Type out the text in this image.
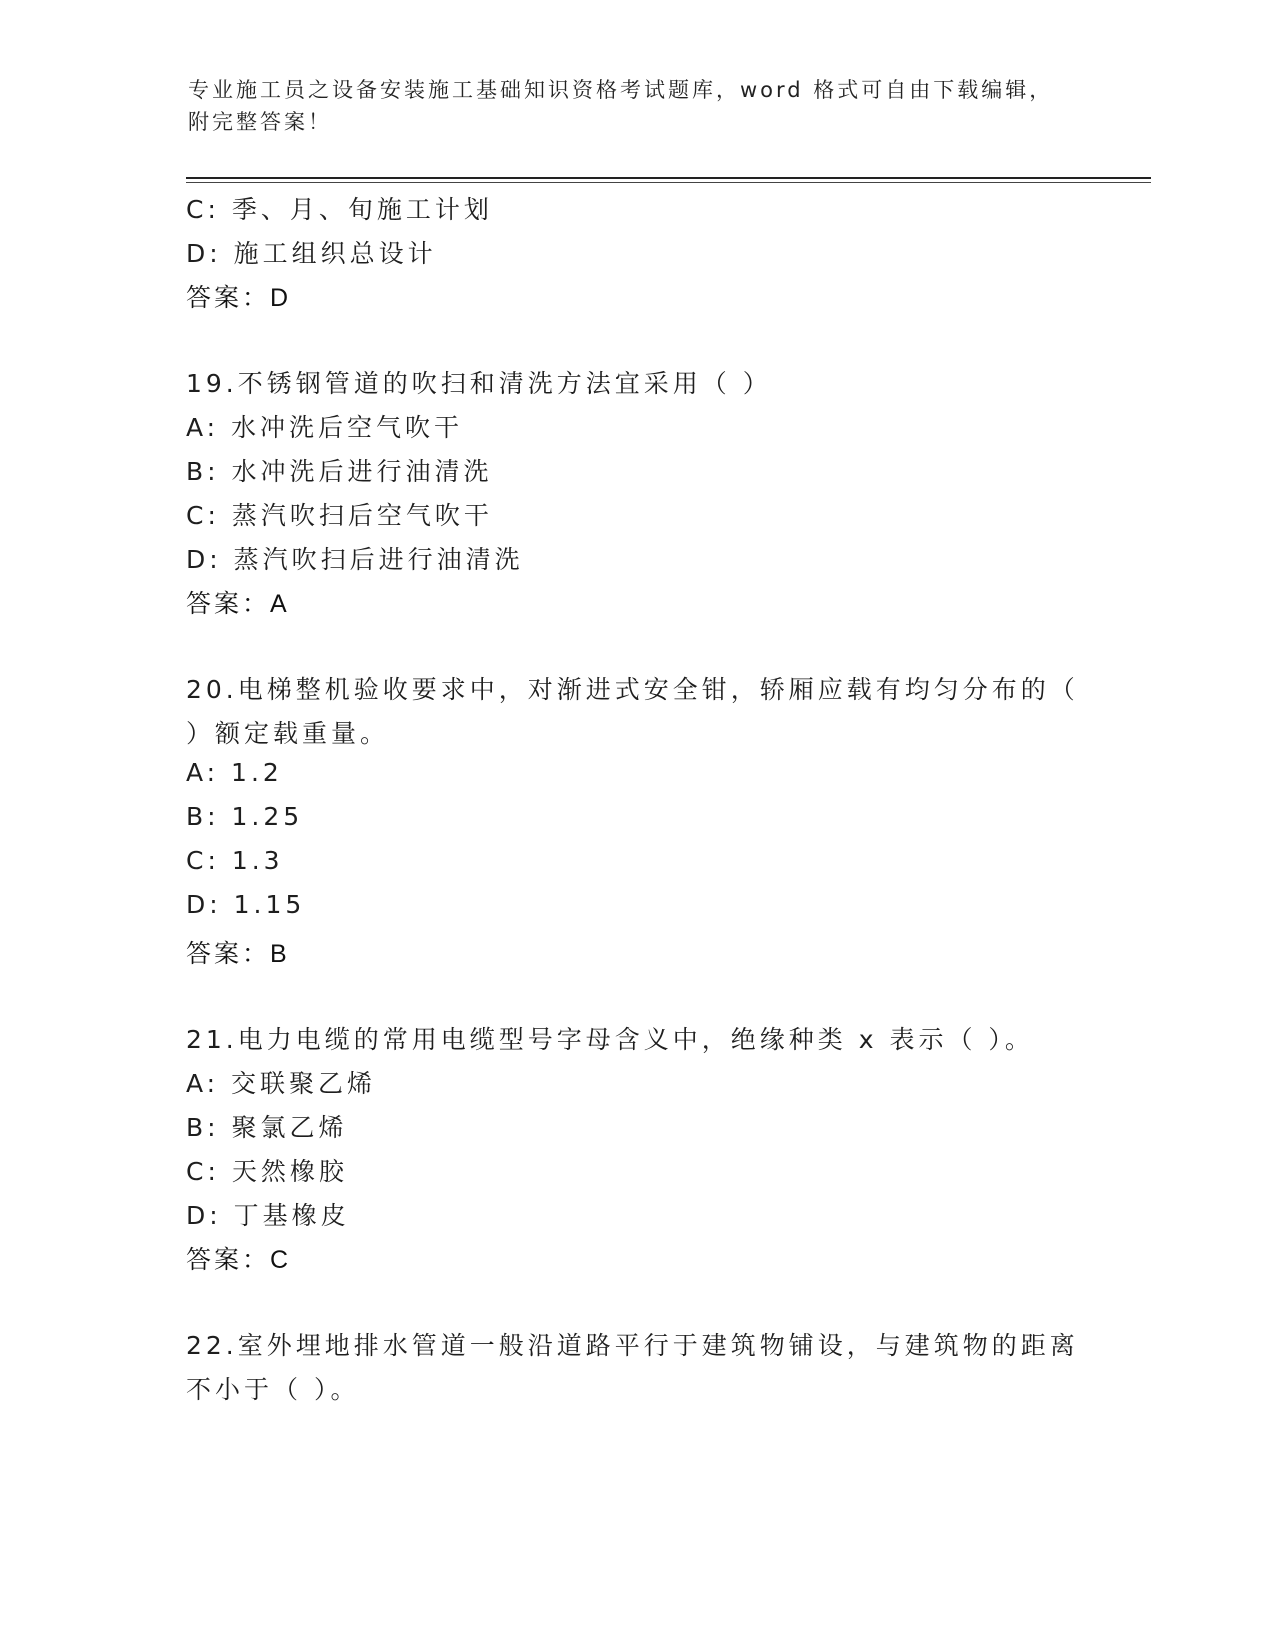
专业施工员之设备安装施工基础知识资格考试题库，word 格式可自由下载编辑，
附完整答案！
C: 季、月、旬施工计划
D: 施工组织总设计
答案：D
19.不锈钢管道的吹扫和清洗方法宜采用（ ）
A: 水冲洗后空气吹干
B: 水冲洗后进行油清洗
C: 蒸汽吹扫后空气吹干
D: 蒸汽吹扫后进行油清洗
答案：A
20.电梯整机验收要求中，对渐进式安全钳，轿厢应载有均匀分布的（
）额定载重量。
A: 1.2
B: 1.25
C: 1.3
D: 1.15
答案：B
21.电力电缆的常用电缆型号字母含义中，绝缘种类 x 表示（ ）。
A: 交联聚乙烯
B: 聚氯乙烯
C: 天然橡胶
D: 丁基橡皮
答案：C
22.室外埋地排水管道一般沿道路平行于建筑物铺设，与建筑物的距离
不小于（ ）。
